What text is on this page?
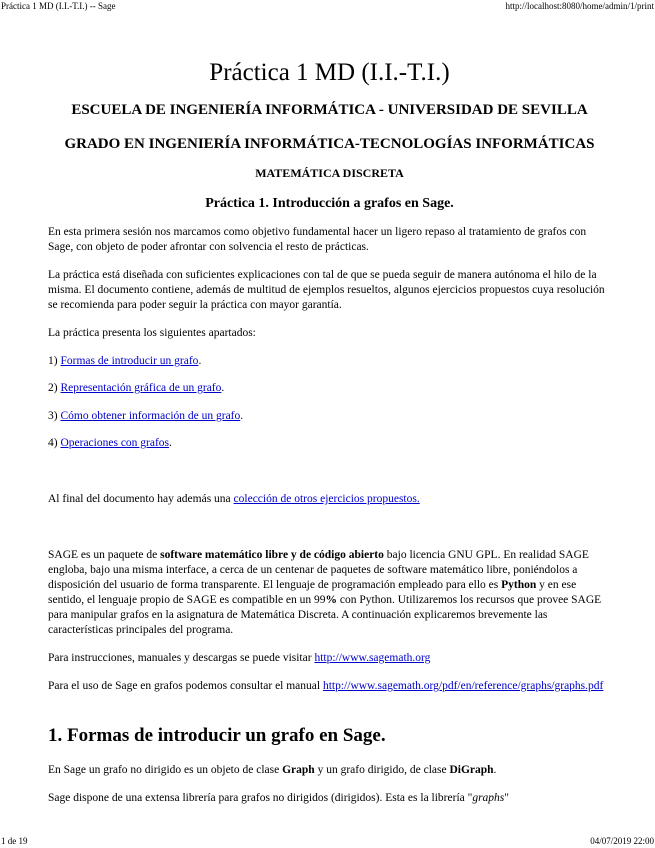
Práctica 1 MD (I.I.-T.I.) -- Sage	http://localhost:8080/home/admin/1/print
Práctica 1 MD (I.I.-T.I.)
ESCUELA DE INGENIERÍA INFORMÁTICA - UNIVERSIDAD DE SEVILLA
GRADO EN INGENIERÍA INFORMÁTICA-TECNOLOGÍAS INFORMÁTICAS
MATEMÁTICA DISCRETA
Práctica 1. Introducción a grafos en Sage.

En esta primera sesión nos marcamos como objetivo fundamental hacer un ligero repaso al tratamiento de grafos con Sage, con objeto de poder afrontar con solvencia el resto de prácticas.

La práctica está diseñada con suficientes explicaciones con tal de que se pueda seguir de manera autónoma el hilo de la misma. El documento contiene, además de multitud de ejemplos resueltos, algunos ejercicios propuestos cuya resolución se recomienda para poder seguir la práctica con mayor garantía.

La práctica presenta los siguientes apartados:

1) Formas de introducir un grafo.

2) Representación gráfica de un grafo.

3) Cómo obtener información de un grafo.

4) Operaciones con grafos.

Al final del documento hay además una colección de otros ejercicios propuestos.

SAGE es un paquete de software matemático libre y de código abierto bajo licencia GNU GPL. En realidad SAGE engloba, bajo una misma interface, a cerca de un centenar de paquetes de software matemático libre, poniéndolos a disposición del usuario de forma transparente. El lenguaje de programación empleado para ello es Python y en ese sentido, el lenguaje propio de SAGE es compatible en un 99% con Python. Utilizaremos los recursos que provee SAGE para manipular grafos en la asignatura de Matemática Discreta. A continuación explicaremos brevemente las características principales del programa.

Para instrucciones, manuales y descargas se puede visitar http://www.sagemath.org

Para el uso de Sage en grafos podemos consultar el manual http://www.sagemath.org/pdf/en/reference/graphs/graphs.pdf

1. Formas de introducir un grafo en Sage.

En Sage un grafo no dirigido es un objeto de clase Graph y un grafo dirigido, de clase DiGraph.

Sage dispone de una extensa librería para grafos no dirigidos (dirigidos). Esta es la librería "graphs"

1 de 19	04/07/2019 22:00
